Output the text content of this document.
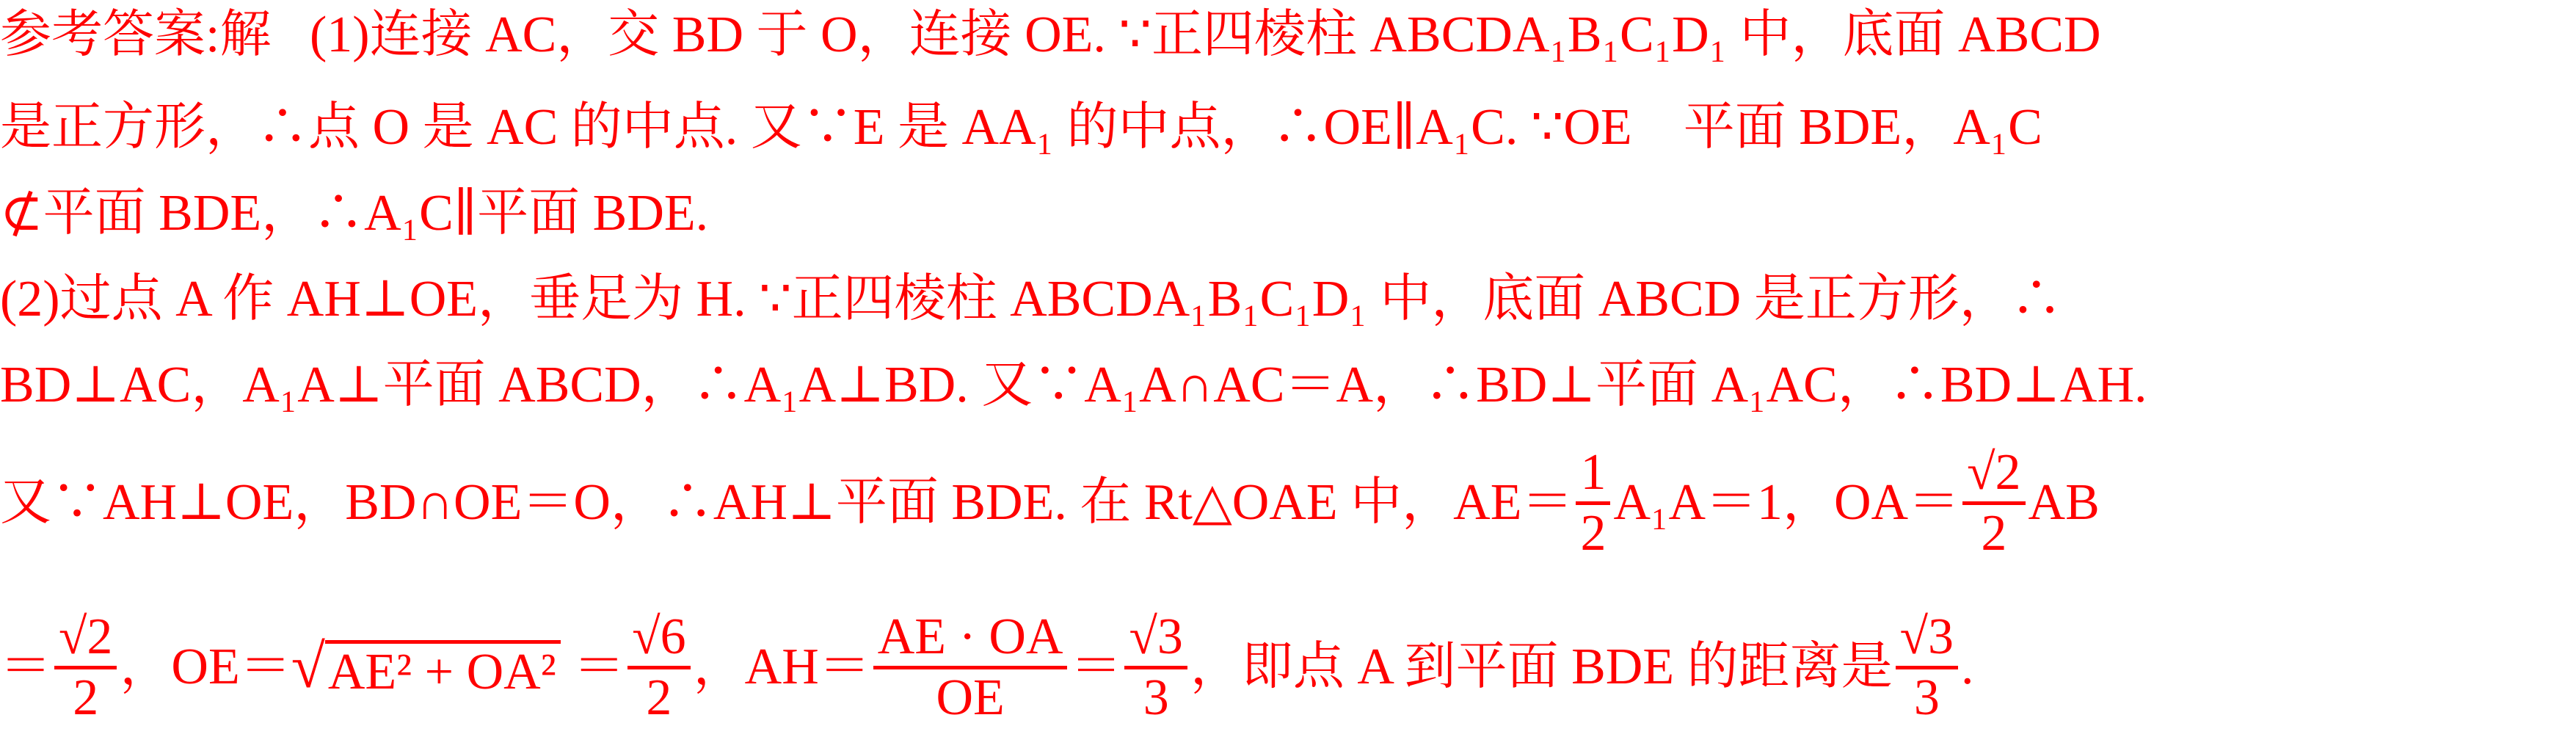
参考答案:解   (1)连接 AC，交 BD 于 O，连接 OE. ∵正四棱柱 ABCDA₁B₁C₁D₁ 中，底面 ABCD
是正方形，∴点 O 是 AC 的中点. 又∵E 是 AA₁ 的中点，∴OE∥A₁C. ∵OE    平面 BDE，A₁C
⊄平面 BDE，∴A₁C∥平面 BDE.
(2)过点 A 作 AH⊥OE，垂足为 H. ∵正四棱柱 ABCDA₁B₁C₁D₁ 中，底面 ABCD 是正方形，∴
BD⊥AC，A₁A⊥平面 ABCD，∴A₁A⊥BD. 又∵A₁A∩AC＝A，∴BD⊥平面 A₁AC，∴BD⊥AH.
又∵AH⊥OE，BD∩OE＝O，∴AH⊥平面 BDE. 在 Rt△OAE 中，AE＝
1
2
A₁A＝1，OA＝
√2
2
AB
＝
√2
2
，OE＝ √ AE² + OA² ＝
√6
2
，AH＝
AE · OA
OE
＝
√3
3
，即点 A 到平面 BDE 的距离是
√3
3
.
